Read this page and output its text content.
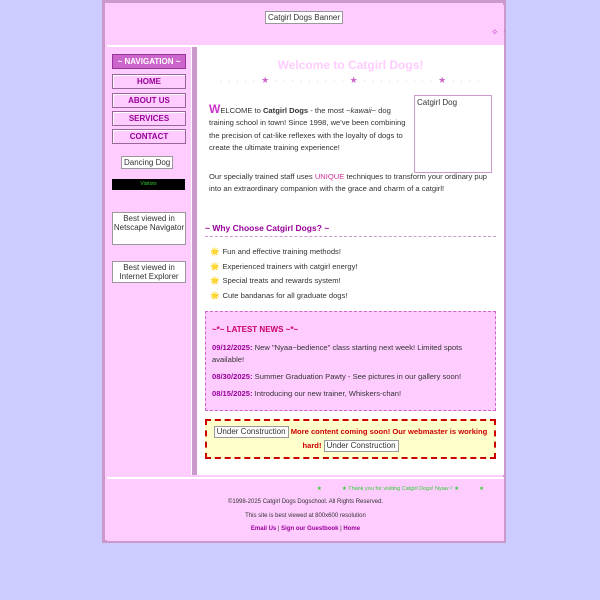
Catgirl Dogs Banner
✧ ·
~ NAVIGATION ~
HOME
ABOUT US
SERVICES
CONTACT
Dancing Dog
Visitors
Best viewed in Netscape Navigator
Best viewed in Internet Explorer
Welcome to Catgirl Dogs!
· · · · · ★ · · · · · · · · · ★ · · · · · · · · · ★ · · · ·
WELCOME to Catgirl Dogs - the most ~kawaii~ dog training school in town! Since 1998, we've been combining the precision of cat-like reflexes with the loyalty of dogs to create the ultimate training experience!
Catgirl Dog
Our specially trained staff uses UNIQUE techniques to transform your ordinary pup into an extraordinary companion with the grace and charm of a catgirl!
~ Why Choose Catgirl Dogs? ~
🌟 Fun and effective training methods!
🌟 Experienced trainers with catgirl energy!
🌟 Special treats and rewards system!
🌟 Cute bandanas for all graduate dogs!
~*~ LATEST NEWS ~*~
09/12/2025: New "Nyaa~bedience" class starting next week! Limited spots available!
08/30/2025: Summer Graduation Pawty - See pictures in our gallery soon!
08/15/2025: Introducing our new trainer, Whiskers-chan!
Under Construction More content coming soon! Our webmaster is working hard! Under Construction
★	★ Thank you for visiting Catgirl Dogs! Nyaa~! ★	★
©1998-2025 Catgirl Dogs Dogschool. All Rights Reserved.
This site is best viewed at 800x600 resolution
Email Us | Sign our Guestbook | Home
